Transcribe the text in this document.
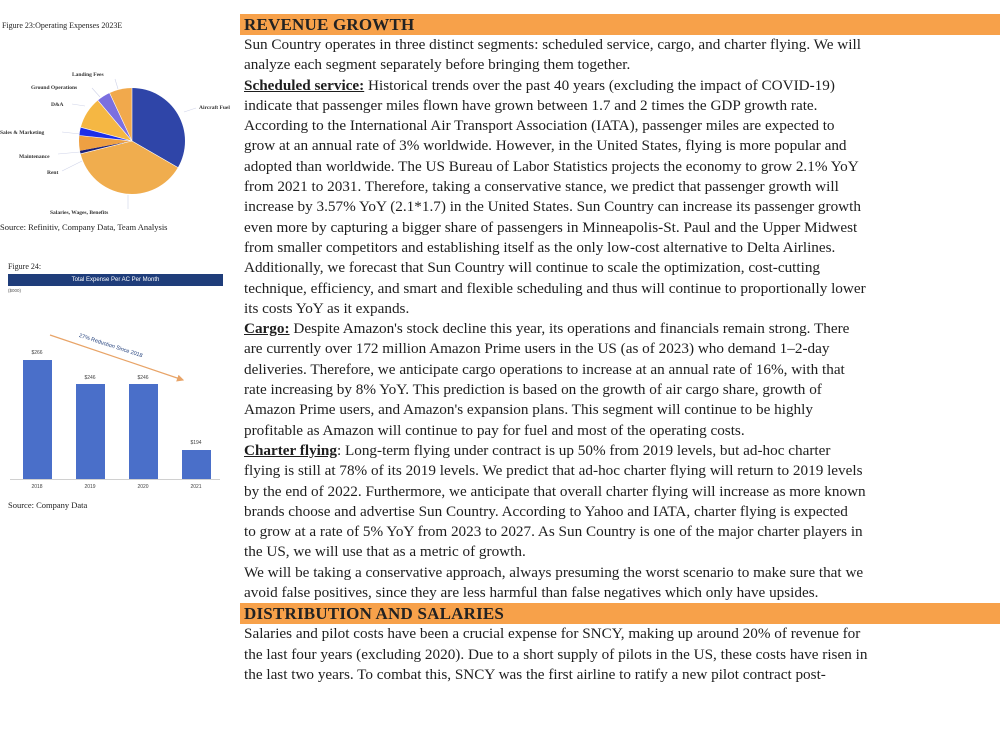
Figure 23:Operating Expenses 2023E
Landing Fees
Ground Operations
D&A
Sales & Marketing
Maintenance
Rent
Salaries, Wages, Benefits
Aircraft Fuel
Source: Refinitiv, Company Data, Team Analysis
Figure 24:
Total Expense Per AC Per Month
($000)
27% Reduction Since 2018
$266
$246	$246
$194
2018	2019	2020	2021
Source: Company Data
REVENUE GROWTH
Sun Country operates in three distinct segments: scheduled service, cargo, and charter flying. We will
analyze each segment separately before bringing them together.
Scheduled service: Historical trends over the past 40 years (excluding the impact of COVID-19)
indicate that passenger miles flown have grown between 1.7 and 2 times the GDP growth rate.
According to the International Air Transport Association (IATA), passenger miles are expected to
grow at an annual rate of 3% worldwide. However, in the United States, flying is more popular and
adopted than worldwide. The US Bureau of Labor Statistics projects the economy to grow 2.1% YoY
from 2021 to 2031. Therefore, taking a conservative stance, we predict that passenger growth will
increase by 3.57% YoY (2.1*1.7) in the United States. Sun Country can increase its passenger growth
even more by capturing a bigger share of passengers in Minneapolis-St. Paul and the Upper Midwest
from smaller competitors and establishing itself as the only low-cost alternative to Delta Airlines.
Additionally, we forecast that Sun Country will continue to scale the optimization, cost-cutting
technique, efficiency, and smart and flexible scheduling and thus will continue to proportionally lower
its costs YoY as it expands.
Cargo: Despite Amazon's stock decline this year, its operations and financials remain strong. There
are currently over 172 million Amazon Prime users in the US (as of 2023) who demand 1–2-day
deliveries. Therefore, we anticipate cargo operations to increase at an annual rate of 16%, with that
rate increasing by 8% YoY. This prediction is based on the growth of air cargo share, growth of
Amazon Prime users, and Amazon's expansion plans. This segment will continue to be highly
profitable as Amazon will continue to pay for fuel and most of the operating costs.
Charter flying: Long-term flying under contract is up 50% from 2019 levels, but ad-hoc charter
flying is still at 78% of its 2019 levels. We predict that ad-hoc charter flying will return to 2019 levels
by the end of 2022. Furthermore, we anticipate that overall charter flying will increase as more known
brands choose and advertise Sun Country. According to Yahoo and IATA, charter flying is expected
to grow at a rate of 5% YoY from 2023 to 2027. As Sun Country is one of the major charter players in
the US, we will use that as a metric of growth.
We will be taking a conservative approach, always presuming the worst scenario to make sure that we
avoid false positives, since they are less harmful than false negatives which only have upsides.
DISTRIBUTION AND SALARIES
Salaries and pilot costs have been a crucial expense for SNCY, making up around 20% of revenue for
the last four years (excluding 2020). Due to a short supply of pilots in the US, these costs have risen in
the last two years. To combat this, SNCY was the first airline to ratify a new pilot contract post-
